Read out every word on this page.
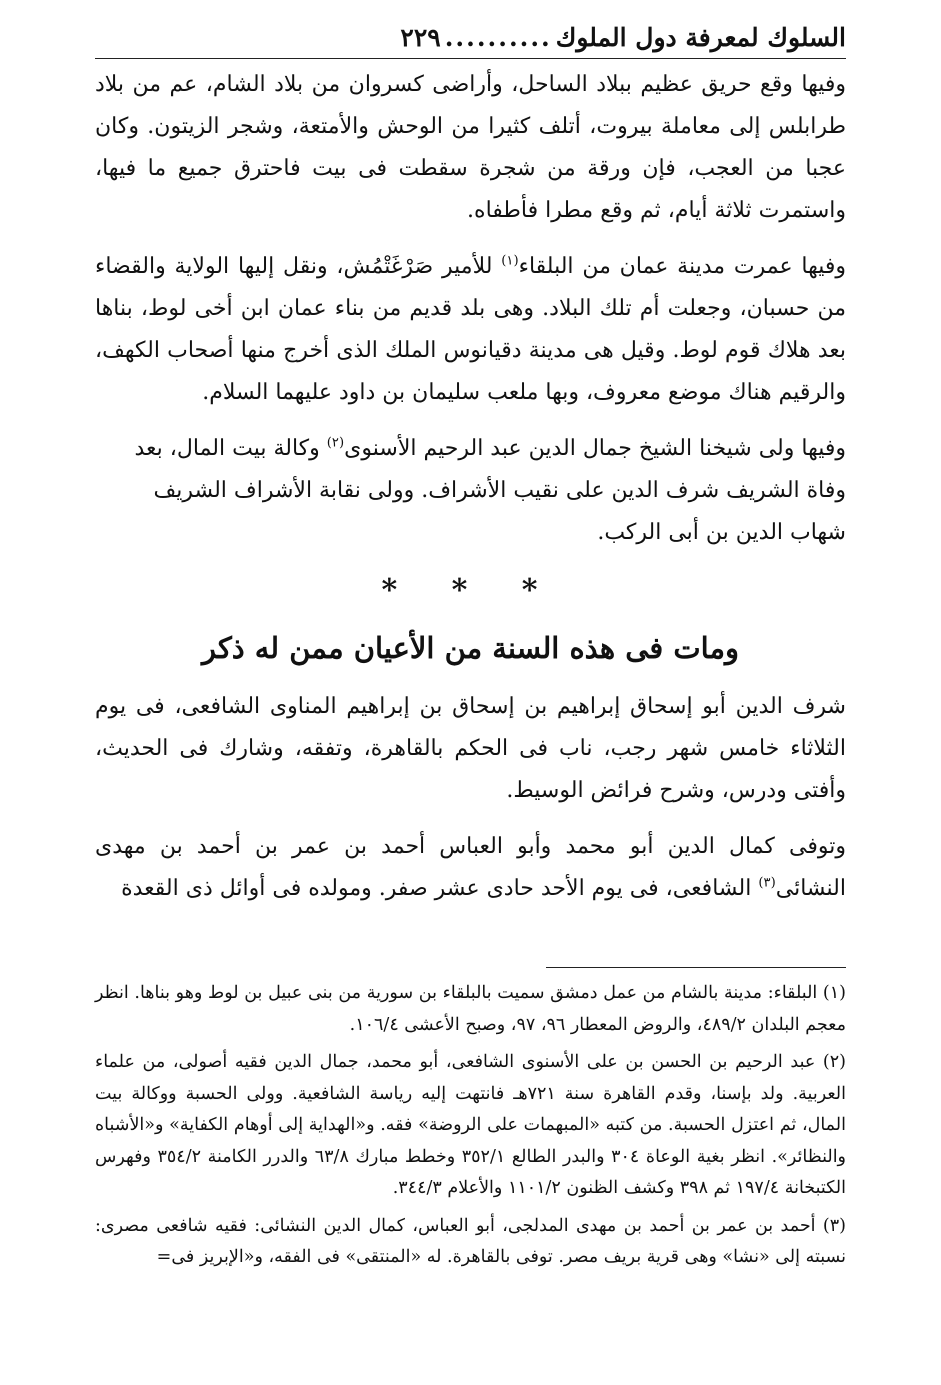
السلوك لمعرفة دول الملوك
..........
٢٢٩

وفيها وقع حريق عظيم ببلاد الساحل، وأراضى كسروان من بلاد الشام، عم من بلاد طرابلس إلى معاملة بيروت، أتلف كثيرا من الوحش والأمتعة، وشجر الزيتون. وكان عجبا من العجب، فإن ورقة من شجرة سقطت فى بيت فاحترق جميع ما فيها، واستمرت ثلاثة أيام، ثم وقع مطرا فأطفاه.

وفيها عمرت مدينة عمان من البلقاء$^{(١)}$ للأمير صَرْغَتْمُش، ونقل إليها الولاية والقضاء من حسبان، وجعلت أم تلك البلاد. وهى بلد قديم من بناء عمان ابن أخى لوط، بناها بعد هلاك قوم لوط. وقيل هى مدينة دقيانوس الملك الذى أخرج منها أصحاب الكهف، والرقيم هناك موضع معروف، وبها ملعب سليمان بن داود عليهما السلام.

وفيها ولى شيخنا الشيخ جمال الدين عبد الرحيم الأسنوى$^{(٢)}$ وكالة بيت المال، بعد وفاة الشريف شرف الدين على نقيب الأشراف. وولى نقابة الأشراف الشريف شهاب الدين بن أبى الركب.

* * *
ومات فى هذه السنة من الأعيان ممن له ذكر

شرف الدين أبو إسحاق إبراهيم بن إسحاق بن إبراهيم المناوى الشافعى، فى يوم الثلاثاء خامس شهر رجب، ناب فى الحكم بالقاهرة، وتفقه، وشارك فى الحديث، وأفتى ودرس، وشرح فرائض الوسيط.

وتوفى كمال الدين أبو محمد وأبو العباس أحمد بن عمر بن أحمد بن مهدى النشائى$^{(٣)}$ الشافعى، فى يوم الأحد حادى عشر صفر. ومولده فى أوائل ذى القعدة

(١) البلقاء: مدينة بالشام من عمل دمشق سميت بالبلقاء بن سورية من بنى عبيل بن لوط وهو بناها. انظر معجم البلدان ٤٨٩/٢، والروض المعطار ٩٦، ٩٧، وصبح الأعشى ١٠٦/٤.

(٢) عبد الرحيم بن الحسن بن على الأسنوى الشافعى، أبو محمد، جمال الدين فقيه أصولى، من علماء العربية. ولد بإسنا، وقدم القاهرة سنة ٧٢١هـ فانتهت إليه رياسة الشافعية. وولى الحسبة ووكالة بيت المال، ثم اعتزل الحسبة. من كتبه «المبهمات على الروضة» فقه. و«الهداية إلى أوهام الكفاية» و«الأشباه والنظائر». انظر بغية الوعاة ٣٠٤ والبدر الطالع ٣٥٢/١ وخطط مبارك ٦٣/٨ والدرر الكامنة ٣٥٤/٢ وفهرس الكتبخانة ١٩٧/٤ ثم ٣٩٨ وكشف الظنون ١١٠١/٢ والأعلام ٣٤٤/٣.

(٣) أحمد بن عمر بن أحمد بن مهدى المدلجى، أبو العباس، كمال الدين النشائى: فقيه شافعى مصرى: نسبته إلى «نشا» وهى قرية بريف مصر. توفى بالقاهرة. له «المنتقى» فى الفقه، و«الإبريز فى=
